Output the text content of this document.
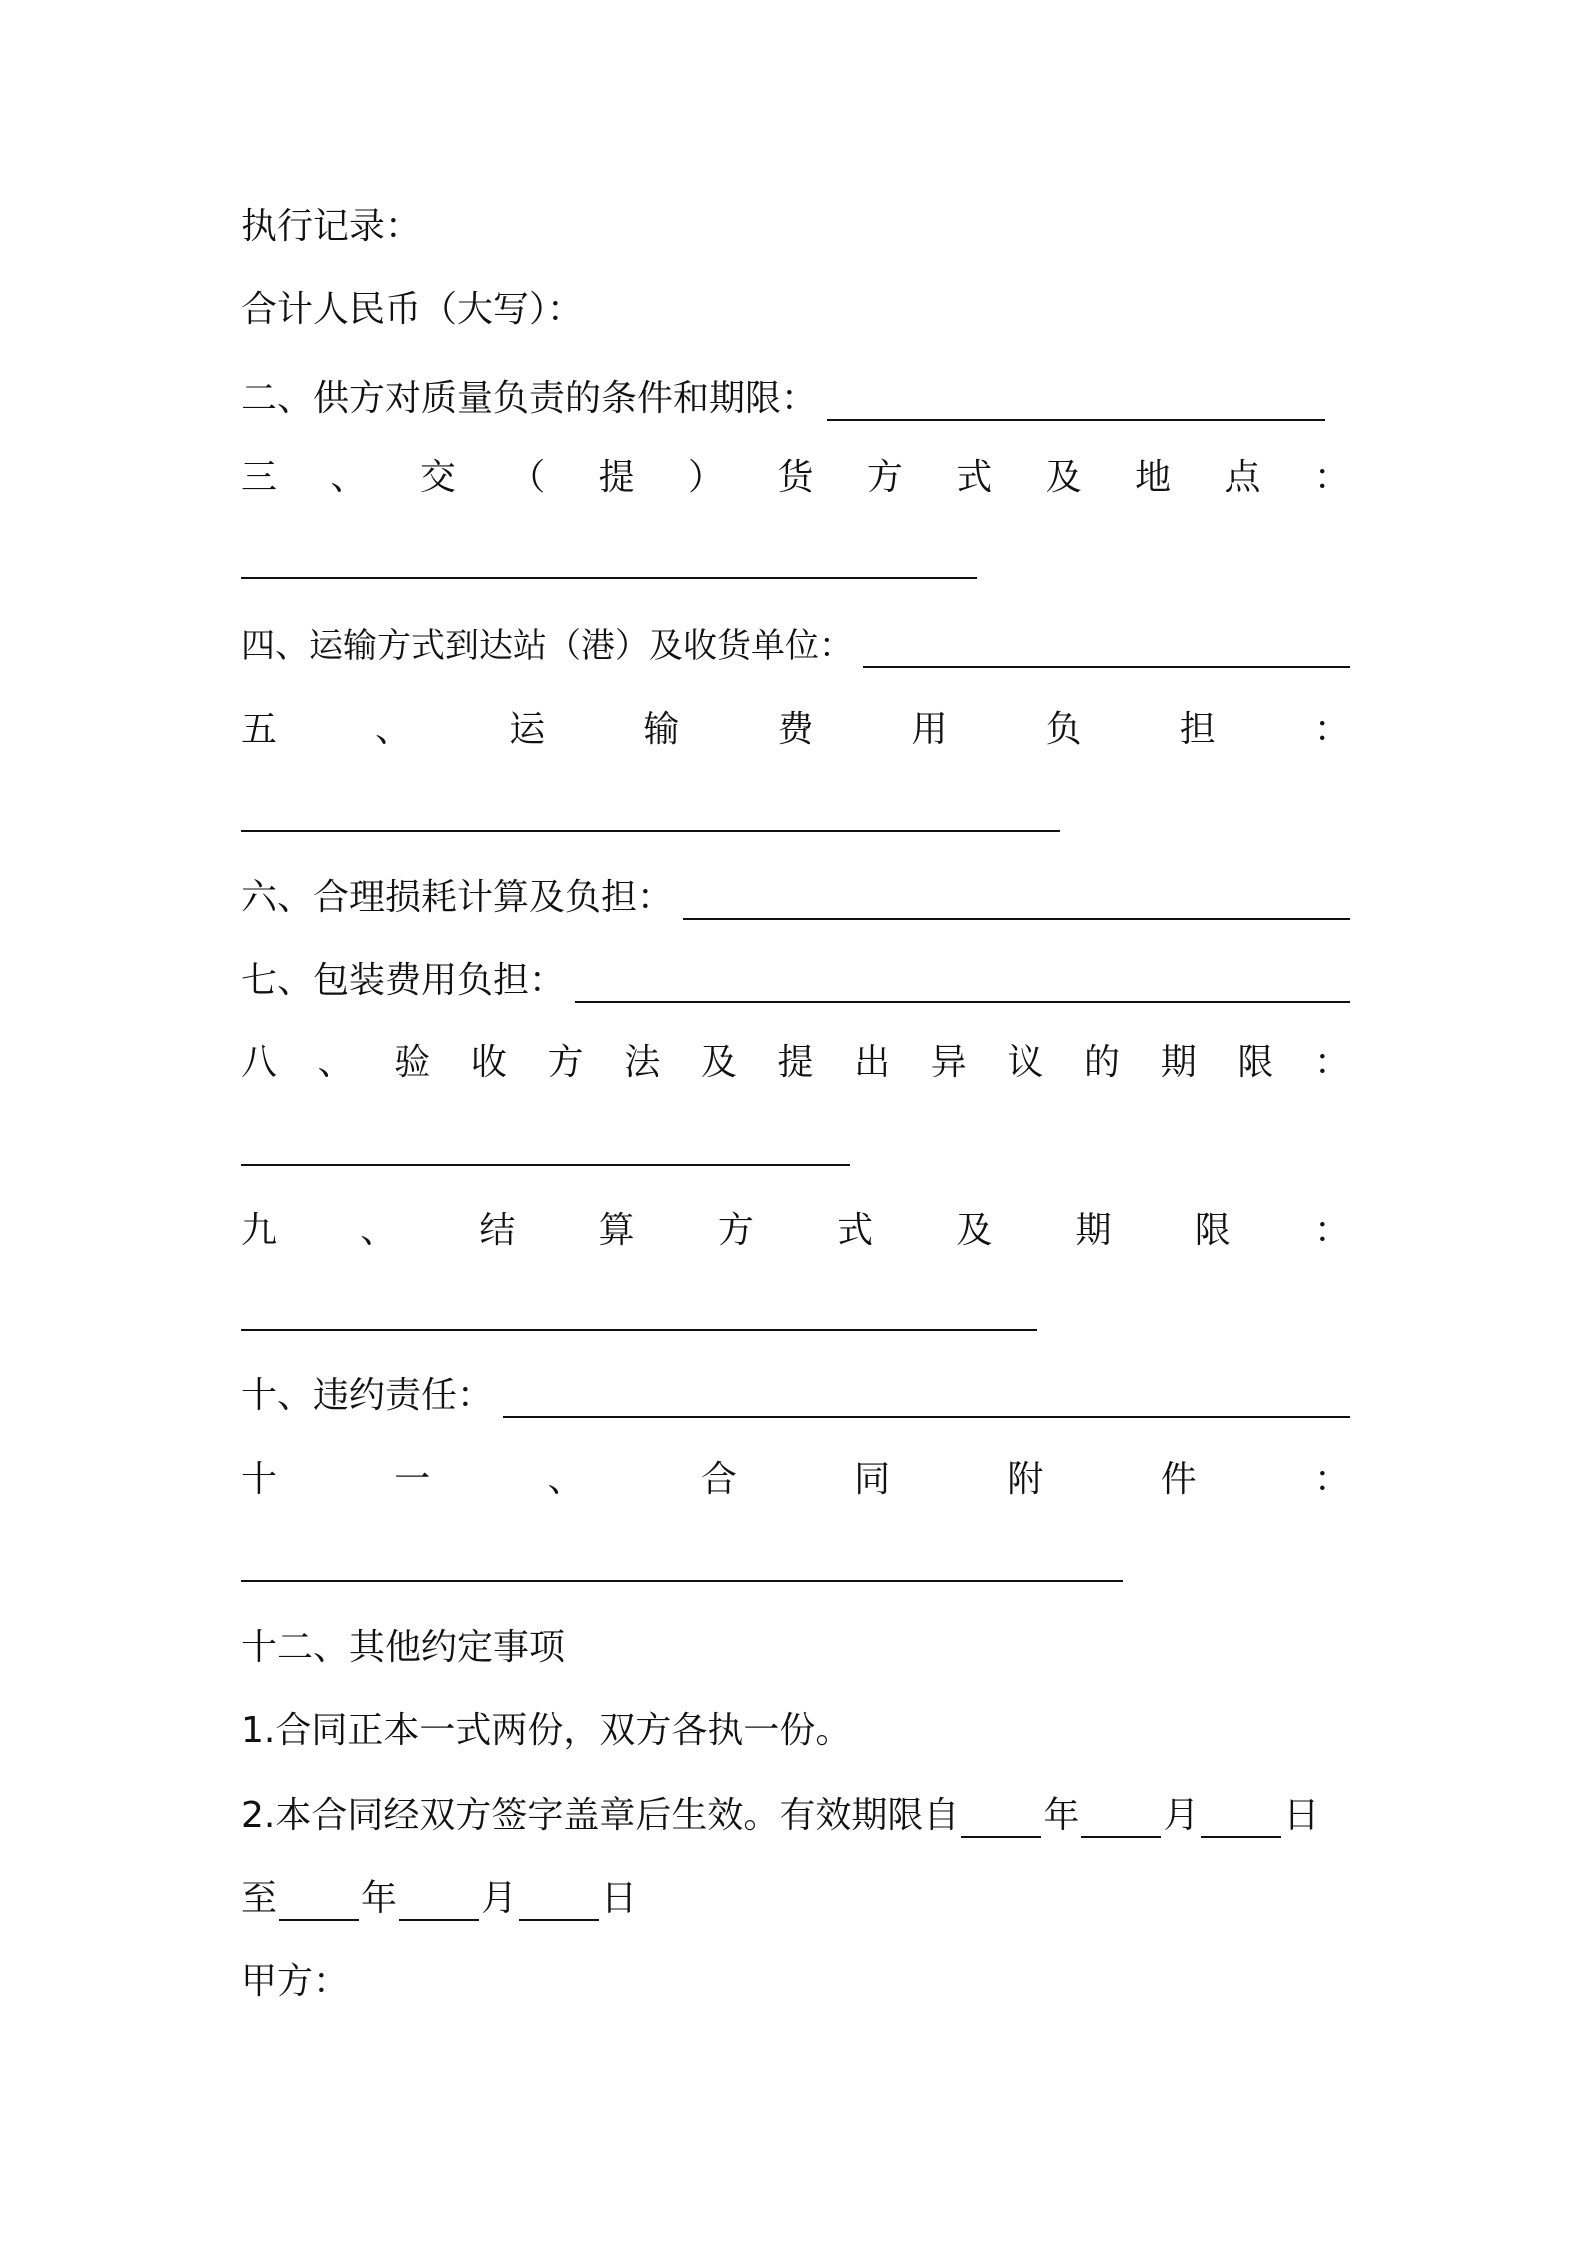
执行记录：
合计人民币（大写）：
二、供方对质量负责的条件和期限：
三 、 交 （ 提 ） 货 方 式 及 地 点 ：
四、运输方式到达站（港）及收货单位：
五	、	运	输	费	用	负	担	：
六、合理损耗计算及负担：
七、包装费用负担：
八 、 验 收 方 法 及 提 出 异 议 的 期 限 ：
九 、 结 算 方 式 及 期 限 ：
十、违约责任：
十	一	、	合	同	附	件	：
十二、其他约定事项
1.合同正本一式两份，双方各执一份。
2.本合同经双方签字盖章后生效。有效期限自 年 月 日
至 年 月 日
甲方：
